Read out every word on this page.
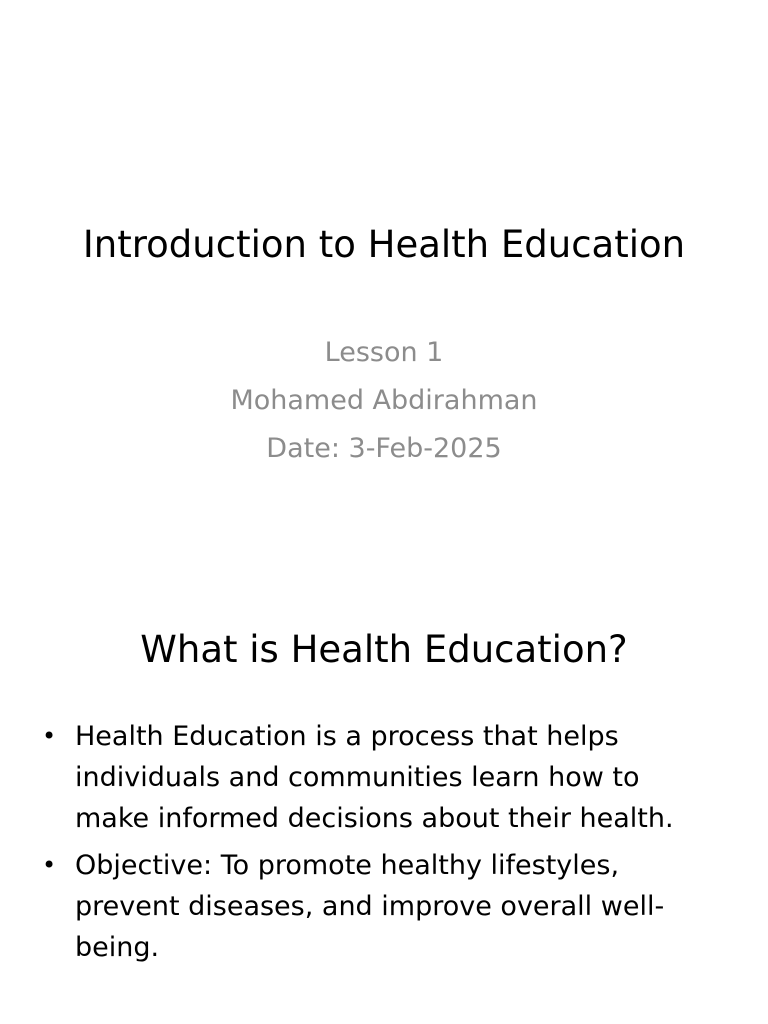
Introduction to Health Education
Lesson 1
Mohamed Abdirahman
Date: 3-Feb-2025
What is Health Education?
• Health Education is a process that helps
individuals and communities learn how to
make informed decisions about their health.
• Objective: To promote healthy lifestyles,
prevent diseases, and improve overall well-
being.
